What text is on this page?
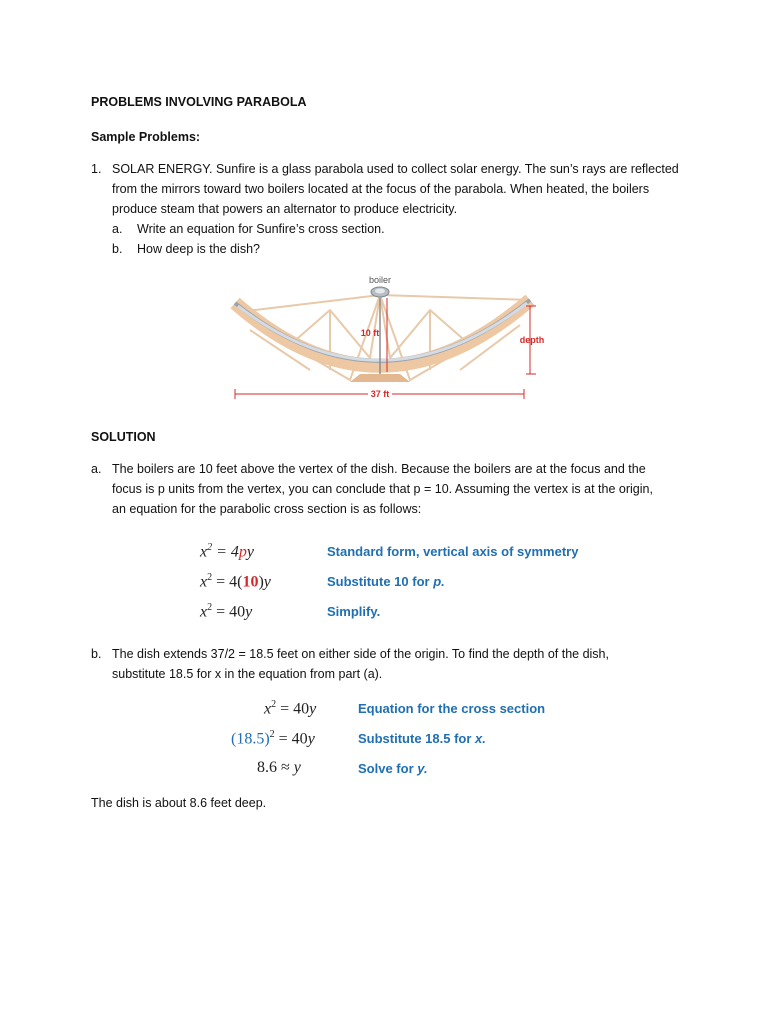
PROBLEMS INVOLVING PARABOLA
Sample Problems:
1. SOLAR ENERGY. Sunfire is a glass parabola used to collect solar energy. The sun’s rays are reflected
from the mirrors toward two boilers located at the focus of the parabola. When heated, the boilers
produce steam that powers an alternator to produce electricity.
a. Write an equation for Sunfire’s cross section.
b. How deep is the dish?
boiler
10 ft
depth
37 ft
SOLUTION
a. The boilers are 10 feet above the vertex of the dish. Because the boilers are at the focus and the
focus is p units from the vertex, you can conclude that p = 10. Assuming the vertex is at the origin,
an equation for the parabolic cross section is as follows:
$x^2 = 4py$
$x^2 = 4(10)y$
$x^2 = 40y$
Standard form, vertical axis of symmetry
Substitute 10 for p.
Simplify.
b. The dish extends 37/2 = 18.5 feet on either side of the origin. To find the depth of the dish,
substitute 18.5 for x in the equation from part (a).
$x^2 = 40y$
$(18.5)^2 = 40y$
8.6 ≈ y
Equation for the cross section
Substitute 18.5 for x.
Solve for y.
The dish is about 8.6 feet deep.
